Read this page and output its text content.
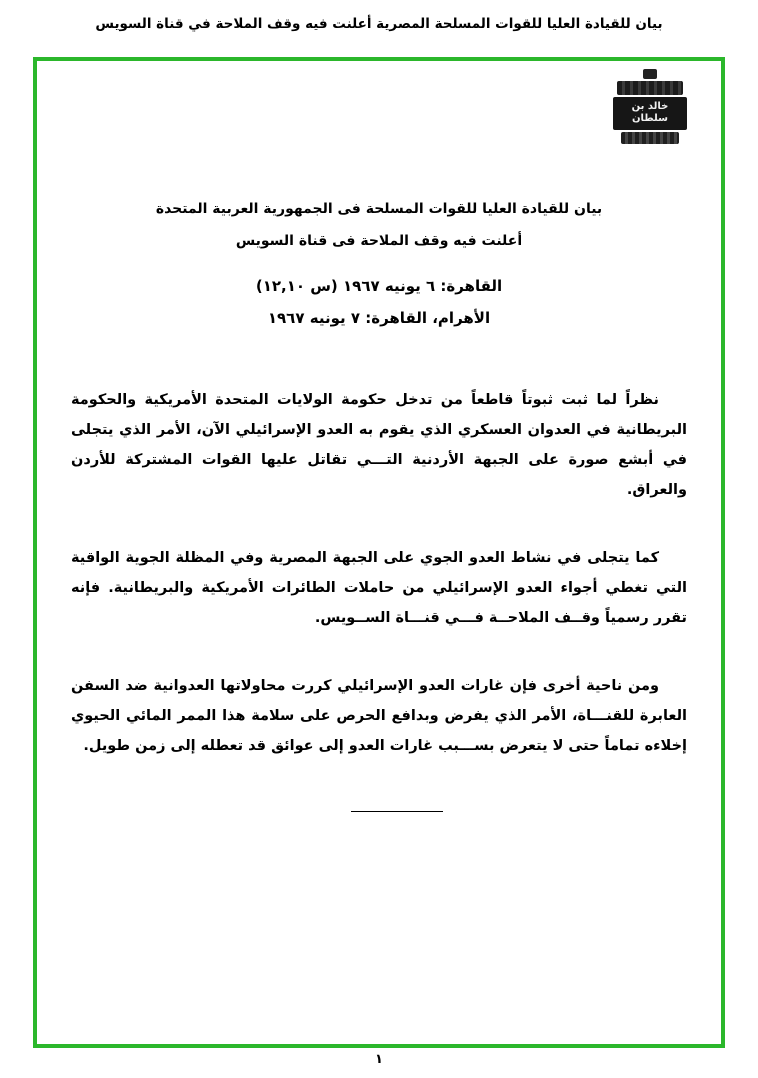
بيان للقيادة العليا للقوات المسلحة المصرية أعلنت فيه وقف الملاحة في قناة السويس
خالد بن سلطان
بيان للقيادة العليا للقوات المسلحة فى الجمهورية العربية المتحدة
أعلنت فيه وقف الملاحة فى قناة السويس
القاهرة: ٦ يونيه ١٩٦٧ (س ١٢,١٠)
الأهرام، القاهرة: ٧ يونيه ١٩٦٧

نظراً لما ثبت ثبوتاً قاطعاً من تدخل حكومة الولايات المتحدة الأمريكية والحكومة البريطانية في العدوان العسكري الذي يقوم به العدو الإسرائيلي الآن، الأمر الذي يتجلى في أبشع صورة على الجبهة الأردنية التـــي تقاتل عليها القوات المشتركة للأردن والعراق.

كما يتجلى في نشاط العدو الجوي على الجبهة المصرية وفي المظلة الجوية الواقية التي تغطي أجواء العدو الإسرائيلي من حاملات الطائرات الأمريكية والبريطانية. فإنه تقرر رسمياً وقــف الملاحــة فـــي قنـــاة الســويس.

ومن ناحية أخرى فإن غارات العدو الإسرائيلي كررت محاولاتها العدوانية ضد السفن العابرة للقنـــاة، الأمر الذي يفرض وبدافع الحرص على سلامة هذا الممر المائي الحيوي إخلاءه تماماً حتى لا يتعرض بســـبب غارات العدو إلى عوائق قد تعطله إلى زمن طويل.

١
